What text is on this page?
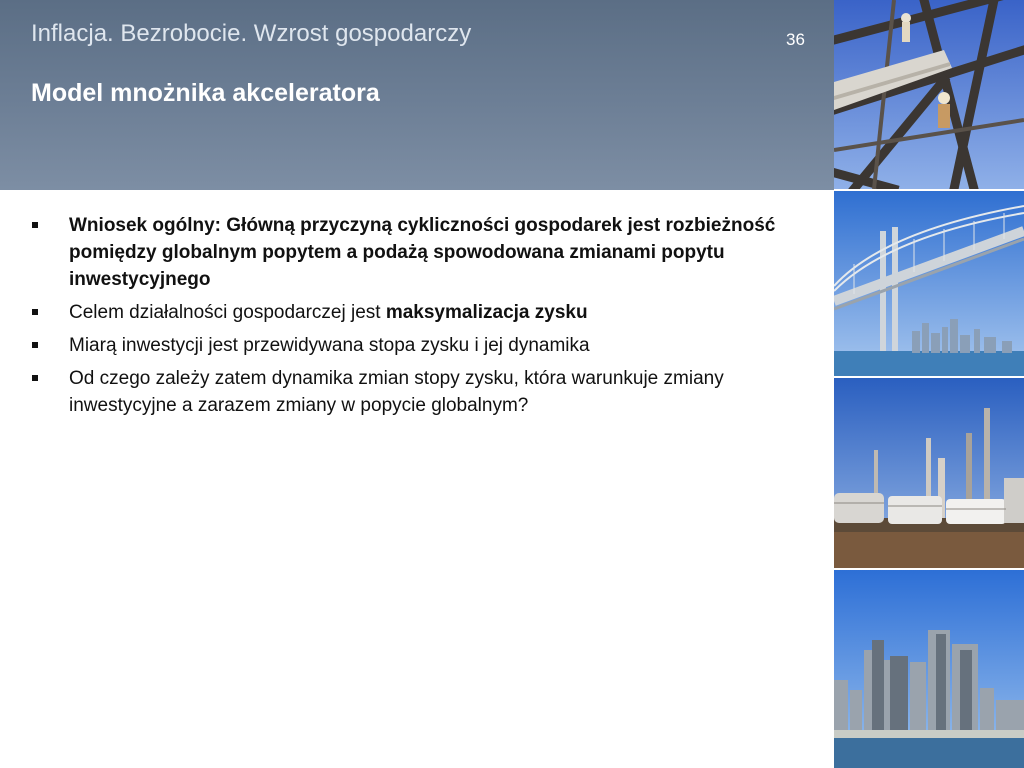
Inflacja. Bezrobocie. Wzrost gospodarczy	36
Model mnożnika akceleratora
Wniosek ogólny: Główną przyczyną cykliczności gospodarek jest rozbieżność pomiędzy globalnym popytem a podażą spowodowana zmianami popytu inwestycyjnego
Celem działalności gospodarczej jest maksymalizacja zysku
Miarą inwestycji jest przewidywana stopa zysku i jej dynamika
Od czego zależy zatem dynamika zmian stopy zysku, która warunkuje zmiany inwestycyjne a zarazem zmiany w popycie globalnym?
